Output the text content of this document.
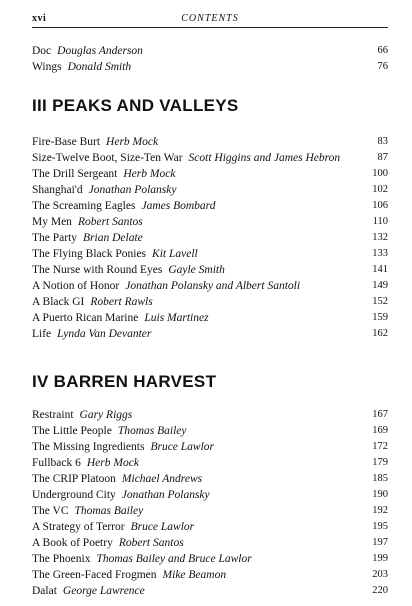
xvi	CONTENTS
Doc Douglas Anderson	66
Wings Donald Smith	76
III PEAKS AND VALLEYS
Fire-Base Burt Herb Mock	83
Size-Twelve Boot, Size-Ten War Scott Higgins and James Hebron	87
The Drill Sergeant Herb Mock	100
Shanghai'd Jonathan Polansky	102
The Screaming Eagles James Bombard	106
My Men Robert Santos	110
The Party Brian Delate	132
The Flying Black Ponies Kit Lavell	133
The Nurse with Round Eyes Gayle Smith	141
A Notion of Honor Jonathan Polansky and Albert Santoli	149
A Black GI Robert Rawls	152
A Puerto Rican Marine Luis Martinez	159
Life Lynda Van Devanter	162
IV BARREN HARVEST
Restraint Gary Riggs	167
The Little People Thomas Bailey	169
The Missing Ingredients Bruce Lawlor	172
Fullback 6 Herb Mock	179
The CRIP Platoon Michael Andrews	185
Underground City Jonathan Polansky	190
The VC Thomas Bailey	192
A Strategy of Terror Bruce Lawlor	195
A Book of Poetry Robert Santos	197
The Phoenix Thomas Bailey and Bruce Lawlor	199
The Green-Faced Frogmen Mike Beamon	203
Dalat George Lawrence	220
